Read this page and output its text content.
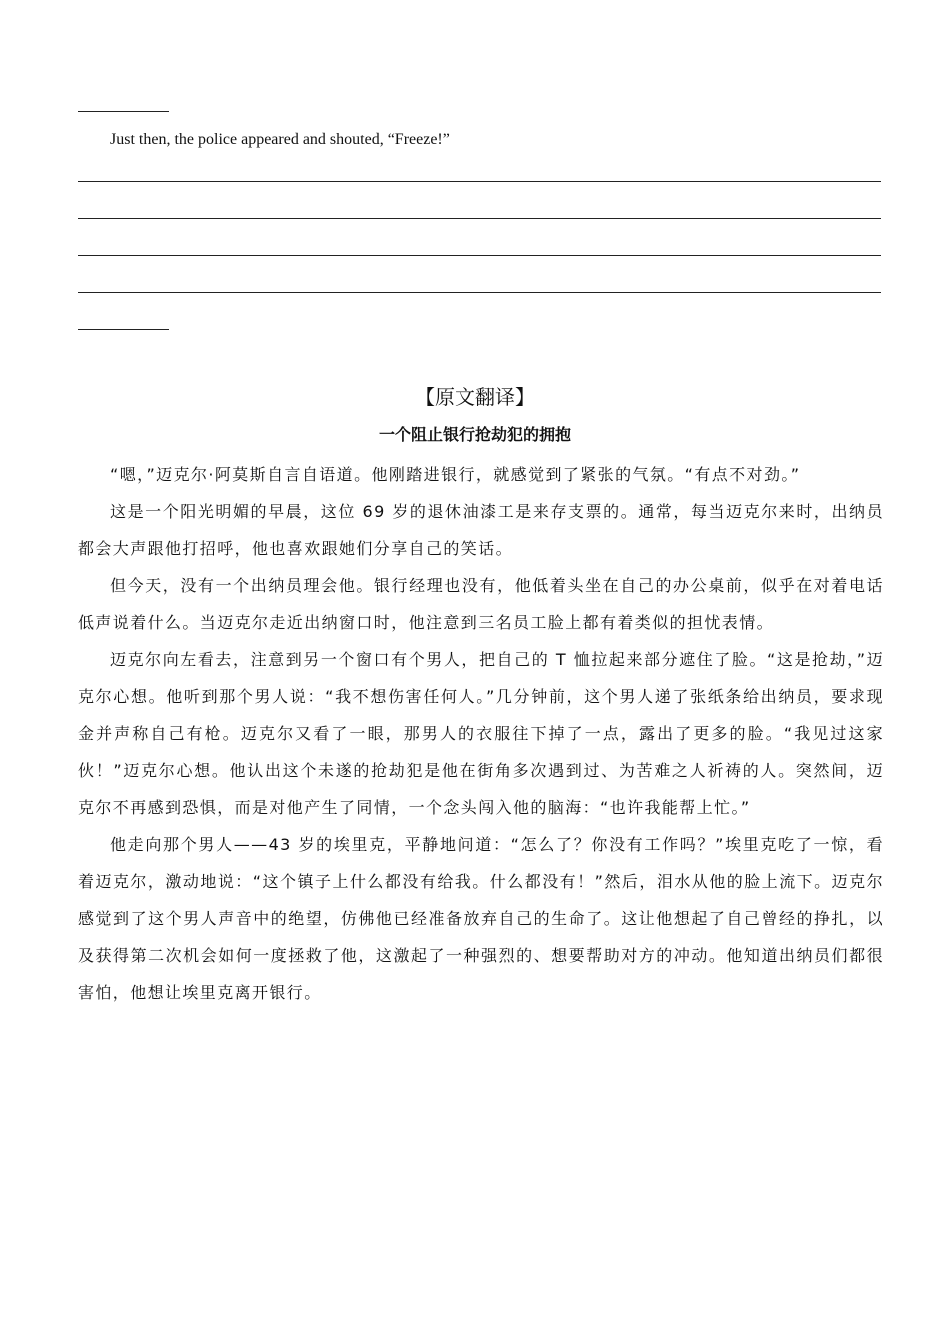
Just then, the police appeared and shouted, “Freeze!”
【原文翻译】
一个阻止银行抢劫犯的拥抱

“嗯，”迈克尔·阿莫斯自言自语道。他刚踏进银行，就感觉到了紧张的气氛。“有点不对劲。”

这是一个阳光明媚的早晨，这位 69 岁的退休油漆工是来存支票的。通常，每当迈克尔来时，出纳员都会大声跟他打招呼，他也喜欢跟她们分享自己的笑话。

但今天，没有一个出纳员理会他。银行经理也没有，他低着头坐在自己的办公桌前，似乎在对着电话低声说着什么。当迈克尔走近出纳窗口时，他注意到三名员工脸上都有着类似的担忧表情。

迈克尔向左看去，注意到另一个窗口有个男人，把自己的 T 恤拉起来部分遮住了脸。“这是抢劫，”迈克尔心想。他听到那个男人说：“我不想伤害任何人。”几分钟前，这个男人递了张纸条给出纳员，要求现金并声称自己有枪。迈克尔又看了一眼，那男人的衣服往下掉了一点，露出了更多的脸。“我见过这家伙！”迈克尔心想。他认出这个未遂的抢劫犯是他在街角多次遇到过、为苦难之人祈祷的人。突然间，迈克尔不再感到恐惧，而是对他产生了同情，一个念头闯入他的脑海：“也许我能帮上忙。”

他走向那个男人——43 岁的埃里克，平静地问道：“怎么了？你没有工作吗？”埃里克吃了一惊，看着迈克尔，激动地说：“这个镇子上什么都没有给我。什么都没有！”然后，泪水从他的脸上流下。迈克尔感觉到了这个男人声音中的绝望，仿佛他已经准备放弃自己的生命了。这让他想起了自己曾经的挣扎，以及获得第二次机会如何一度拯救了他，这激起了一种强烈的、想要帮助对方的冲动。他知道出纳员们都很害怕，他想让埃里克离开银行。
